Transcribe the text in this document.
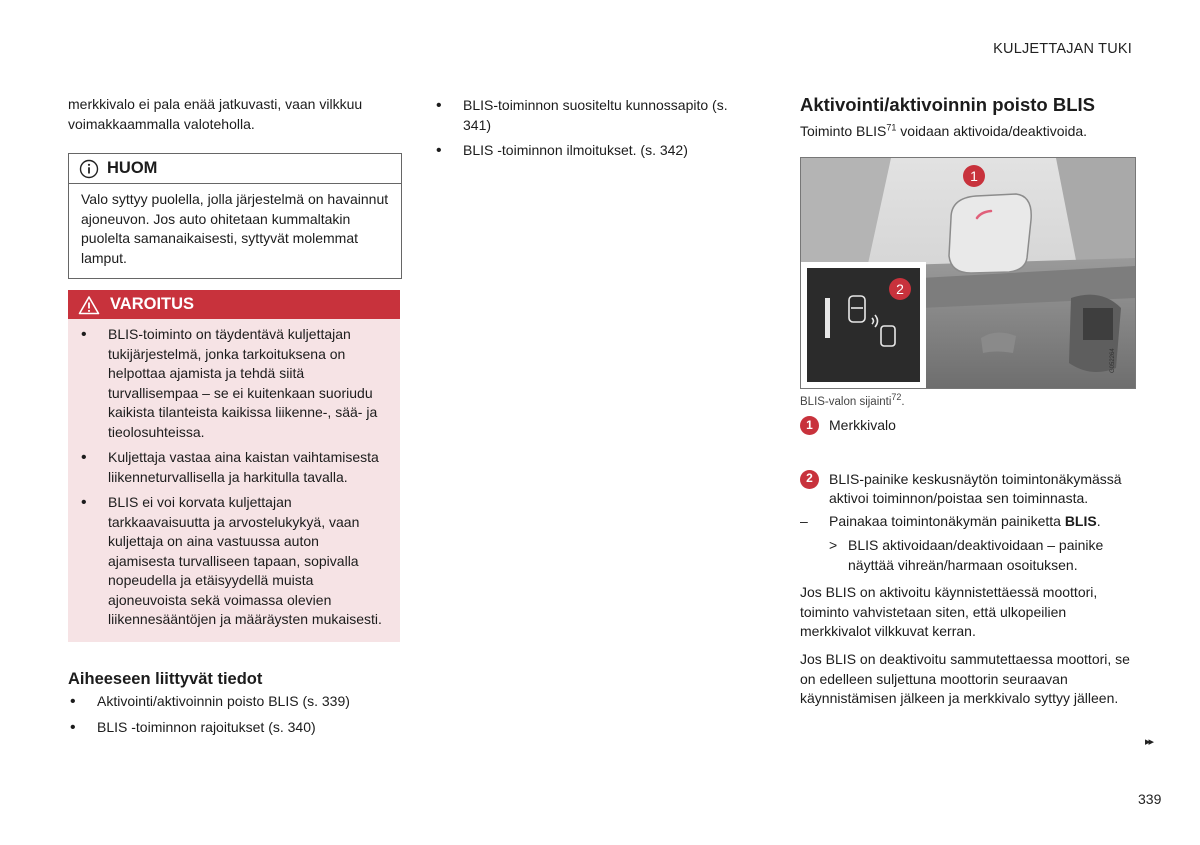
KULJETTAJAN TUKI

merkkivalo ei pala enää jatkuvasti, vaan vilkkuu voimakkaammalla valoteholla.

HUOM
Valo syttyy puolella, jolla järjestelmä on havainnut ajoneuvon. Jos auto ohitetaan kummaltakin puolelta samanaikaisesti, syttyvät molemmat lamput.
VAROITUS
• BLIS-toiminto on täydentävä kuljettajan tukijärjestelmä, jonka tarkoituksena on helpottaa ajamista ja tehdä siitä turvallisempaa – se ei kuitenkaan suoriudu kaikista tilanteista kaikissa liikenne-, sää- ja tieolosuhteissa.
• Kuljettaja vastaa aina kaistan vaihtamisesta liikenneturvallisella ja harkitulla tavalla.
• BLIS ei voi korvata kuljettajan tarkkaavaisuutta ja arvostelukykyä, vaan kuljettaja on aina vastuussa auton ajamisesta turvalliseen tapaan, sopivalla nopeudella ja etäisyydellä muista ajoneuvoista sekä voimassa olevien liikennesääntöjen ja määräysten mukaisesti.
Aiheeseen liittyvät tiedot
• Aktivointi/aktivoinnin poisto BLIS (s. 339)
• BLIS -toiminnon rajoitukset (s. 340)
• BLIS-toiminnon suositeltu kunnossapito (s. 341)
• BLIS -toiminnon ilmoitukset. (s. 342)
Aktivointi/aktivoinnin poisto BLIS

Toiminto BLIS$^{71}$ voidaan aktivoida/deaktivoida.

G052264
1
2
BLIS-valon sijainti$^{72}$.
1	Merkkivalo
2	BLIS-painike keskusnäytön toimintonäkymässä aktivoi toiminnon/poistaa sen toiminnasta.
– Painakaa toimintonäkymän painiketta BLIS.
> BLIS aktivoidaan/deaktivoidaan – painike näyttää vihreän/harmaan osoituksen.

Jos BLIS on aktivoitu käynnistettäessä moottori, toiminto vahvistetaan siten, että ulkopeilien merkkivalot vilkkuvat kerran.

Jos BLIS on deaktivoitu sammutettaessa moottori, se on edelleen suljettuna moottorin seuraavan käynnistämisen jälkeen ja merkkivalo syttyy jälleen.

▸▸
339
